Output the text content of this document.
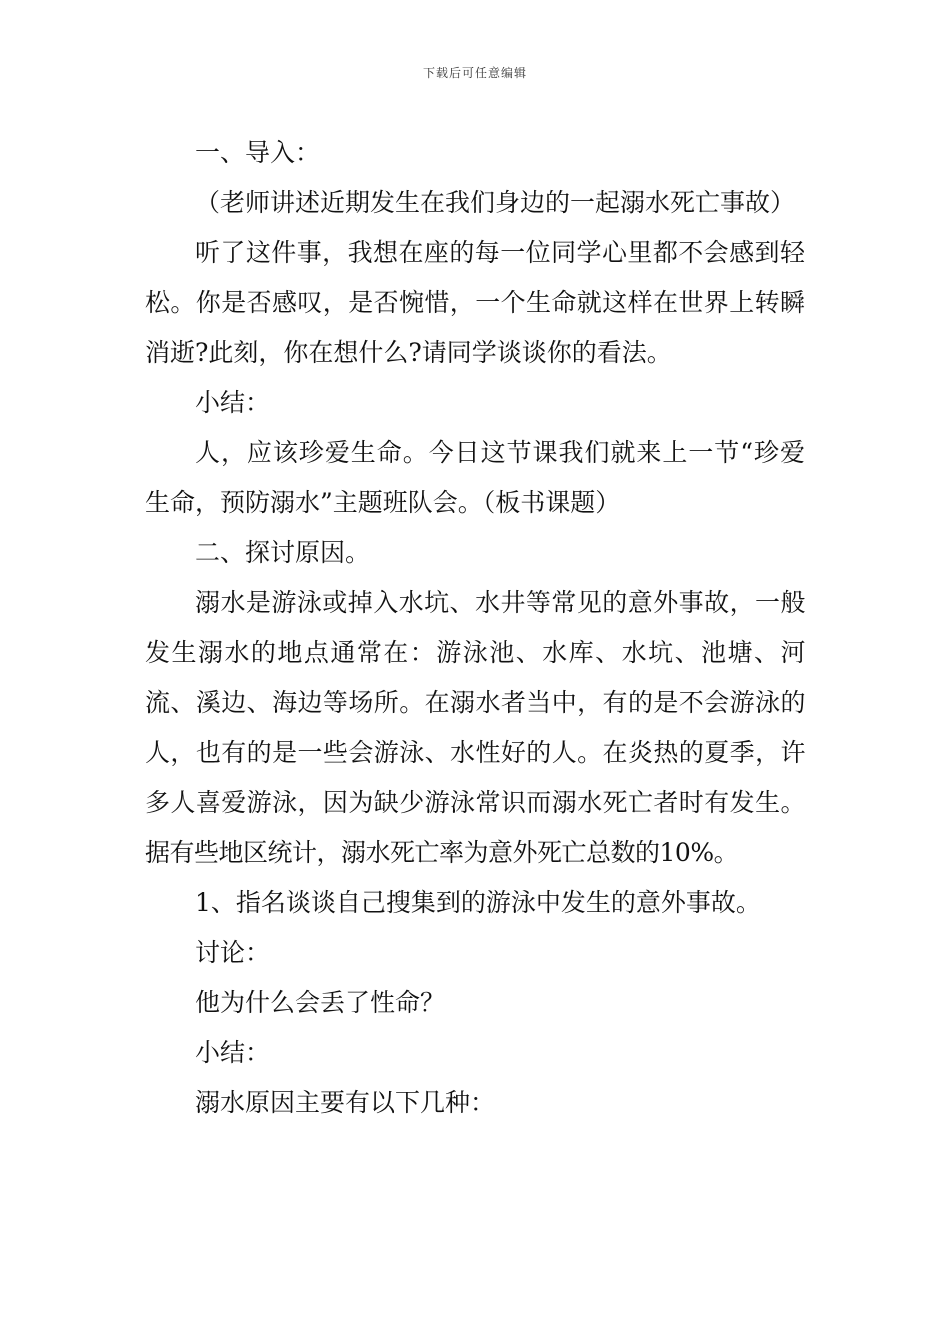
下载后可任意编辑

一、导入：

（老师讲述近期发生在我们身边的一起溺水死亡事故）

听了这件事，我想在座的每一位同学心里都不会感到轻松。你是否感叹，是否惋惜，一个生命就这样在世界上转瞬消逝?此刻，你在想什么?请同学谈谈你的看法。

小结：

人，应该珍爱生命。今日这节课我们就来上一节“珍爱生命，预防溺水”主题班队会。（板书课题）

二、探讨原因。

溺水是游泳或掉入水坑、水井等常见的意外事故，一般发生溺水的地点通常在：游泳池、水库、水坑、池塘、河流、溪边、海边等场所。在溺水者当中，有的是不会游泳的人，也有的是一些会游泳、水性好的人。在炎热的夏季，许多人喜爱游泳，因为缺少游泳常识而溺水死亡者时有发生。据有些地区统计，溺水死亡率为意外死亡总数的10%。

1、指名谈谈自己搜集到的游泳中发生的意外事故。

讨论：

他为什么会丢了性命？

小结：

溺水原因主要有以下几种：
